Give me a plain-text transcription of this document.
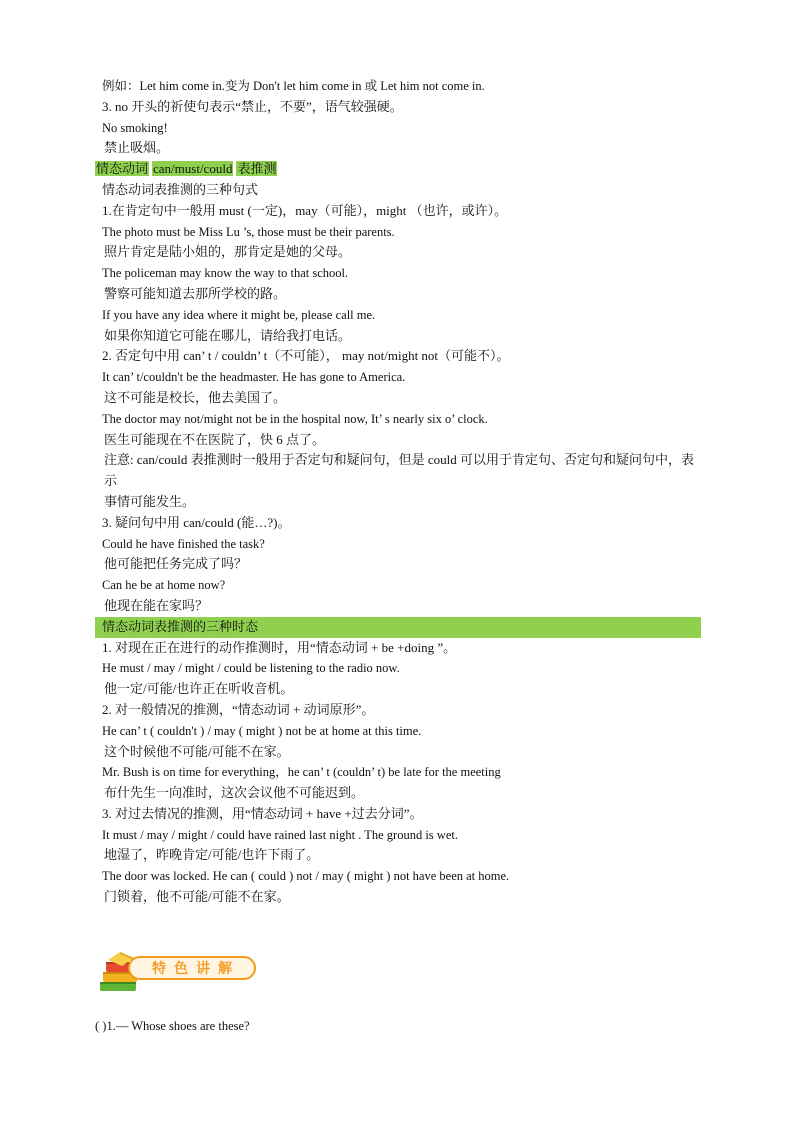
例如：Let him come in.变为 Don't let him come in 或 Let him not come in.
3. no 开头的祈使句表示“禁止，不要”，语气较强硬。
No smoking!
禁止吸烟。
情态动词 can/must/could 表推测
情态动词表推测的三种句式
1.在肯定句中一般用 must (一定)，may（可能），might （也许，或许）。
The photo must be Miss Lu ’s, those must be their parents.
照片肯定是陆小姐的，那肯定是她的父母。
The policeman may know the way to that school.
警察可能知道去那所学校的路。
If you have any idea where it might be, please call me.
如果你知道它可能在哪儿，请给我打电话。
2. 否定句中用 can’ t / couldn’ t（不可能）， may not/might not（可能不）。
It can’ t/couldn't be the headmaster. He has gone to America.
这不可能是校长，他去美国了。
The doctor may not/might not be in the hospital now, It’ s nearly six o’ clock.
医生可能现在不在医院了，快 6 点了。
注意: can/could 表推测时一般用于否定句和疑问句，但是 could 可以用于肯定句、否定句和疑问句中，表示
事情可能发生。
3. 疑问句中用 can/could (能…?)。
Could he have finished the task?
他可能把任务完成了吗？
Can he be at home now?
他现在能在家吗？
情态动词表推测的三种时态
1. 对现在正在进行的动作推测时，用“情态动词 + be +doing ”。
He must / may / might / could be listening to the radio now.
他一定/可能/也许正在听收音机。
2. 对一般情况的推测，“情态动词 + 动词原形”。
He can’ t ( couldn't ) / may ( might ) not be at home at this time.
这个时候他不可能/可能不在家。
Mr. Bush is on time for everything，he can’ t (couldn’ t) be late for the meeting
布什先生一向准时，这次会议他不可能迟到。
3. 对过去情况的推测，用“情态动词 + have +过去分词”。
It must / may / might / could have rained last night . The ground is wet.
地湿了，昨晚肯定/可能/也许下雨了。
The door was locked. He can ( could ) not / may ( might ) not have been at home.
门锁着，他不可能/可能不在家。
特色讲解
( )1.— Whose shoes are these?
